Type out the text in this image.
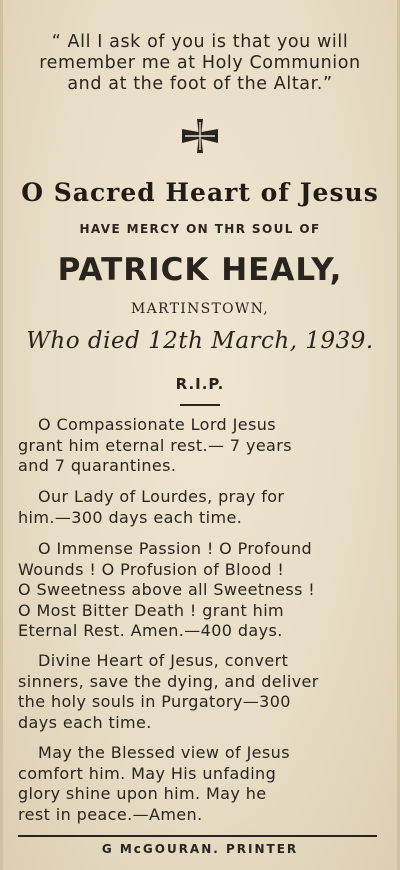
“ All I ask of you is that you will
remember me at Holy Communion
and at the foot of the Altar.”
O Sacred Heart of Jesus
HAVE MERCY ON THR SOUL OF
PATRICK HEALY,
MARTINSTOWN,
Who died 12th March, 1939.
R.I.P.
O Compassionate Lord Jesus
grant him eternal rest.— 7 years
and 7 quarantines.
Our Lady of Lourdes, pray for
him.—300 days each time.
O Immense Passion ! O Profound
Wounds ! O Profusion of Blood !
O Sweetness above all Sweetness !
O Most Bitter Death ! grant him
Eternal Rest. Amen.—400 days.
Divine Heart of Jesus, convert
sinners, save the dying, and deliver
the holy souls in Purgatory—300
days each time.
May the Blessed view of Jesus
comfort him. May His unfading
glory shine upon him. May he
rest in peace.—Amen.
G McGOURAN. PRINTER
